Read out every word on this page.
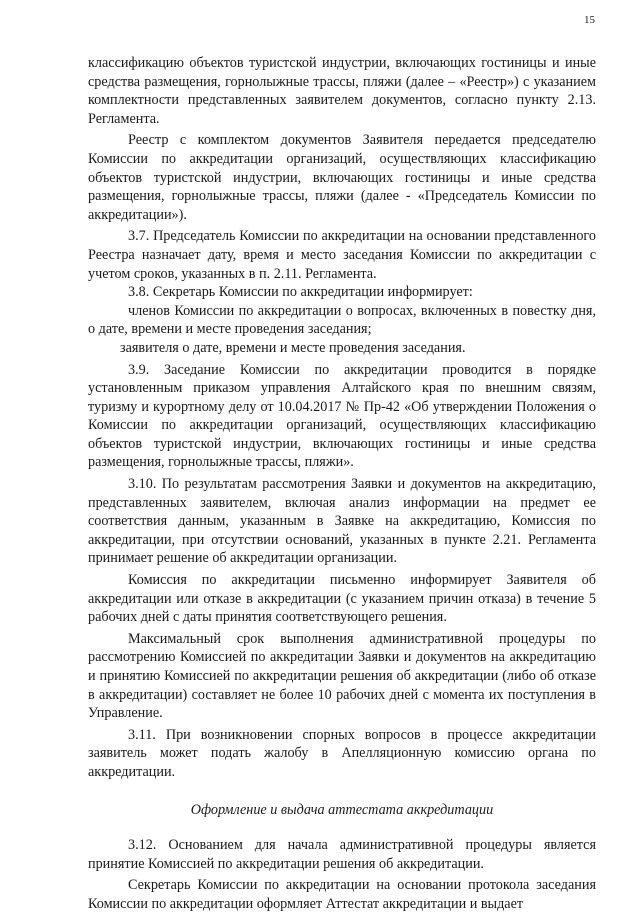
15

классификацию объектов туристской индустрии, включающих гостиницы и иные средства размещения, горнолыжные трассы, пляжи (далее – «Реестр») с указанием комплектности представленных заявителем документов, согласно пункту 2.13. Регламента.

Реестр с комплектом документов Заявителя передается председателю Комиссии по аккредитации организаций, осуществляющих классификацию объектов туристской индустрии, включающих гостиницы и иные средства размещения, горнолыжные трассы, пляжи (далее - «Председатель Комиссии по аккредитации»).

3.7. Председатель Комиссии по аккредитации на основании представленного Реестра назначает дату, время и место заседания Комиссии по аккредитации с учетом сроков, указанных в п. 2.11. Регламента.

3.8. Секретарь Комиссии по аккредитации информирует:

членов Комиссии по аккредитации о вопросах, включенных в повестку дня, о дате, времени и месте проведения заседания;

заявителя о дате, времени и месте проведения заседания.

3.9. Заседание Комиссии по аккредитации проводится в порядке установленным приказом управления Алтайского края по внешним связям, туризму и курортному делу от 10.04.2017 № Пр-42 «Об утверждении Положения о Комиссии по аккредитации организаций, осуществляющих классификацию объектов туристской индустрии, включающих гостиницы и иные средства размещения, горнолыжные трассы, пляжи».

3.10. По результатам рассмотрения Заявки и документов на аккредитацию, представленных заявителем, включая анализ информации на предмет ее соответствия данным, указанным в Заявке на аккредитацию, Комиссия по аккредитации, при отсутствии оснований, указанных в пункте 2.21. Регламента принимает решение об аккредитации организации.

Комиссия по аккредитации письменно информирует Заявителя об аккредитации или отказе в аккредитации (с указанием причин отказа) в течение 5 рабочих дней с даты принятия соответствующего решения.

Максимальный срок выполнения административной процедуры по рассмотрению Комиссией по аккредитации Заявки и документов на аккредитацию и принятию Комиссией по аккредитации решения об аккредитации (либо об отказе в аккредитации) составляет не более 10 рабочих дней с момента их поступления в Управление.

3.11. При возникновении спорных вопросов в процессе аккредитации заявитель может подать жалобу в Апелляционную комиссию органа по аккредитации.

Оформление и выдача аттестата аккредитации

3.12. Основанием для начала административной процедуры является принятие Комиссией по аккредитации решения об аккредитации.

Секретарь Комиссии по аккредитации на основании протокола заседания Комиссии по аккредитации оформляет Аттестат аккредитации и выдает
